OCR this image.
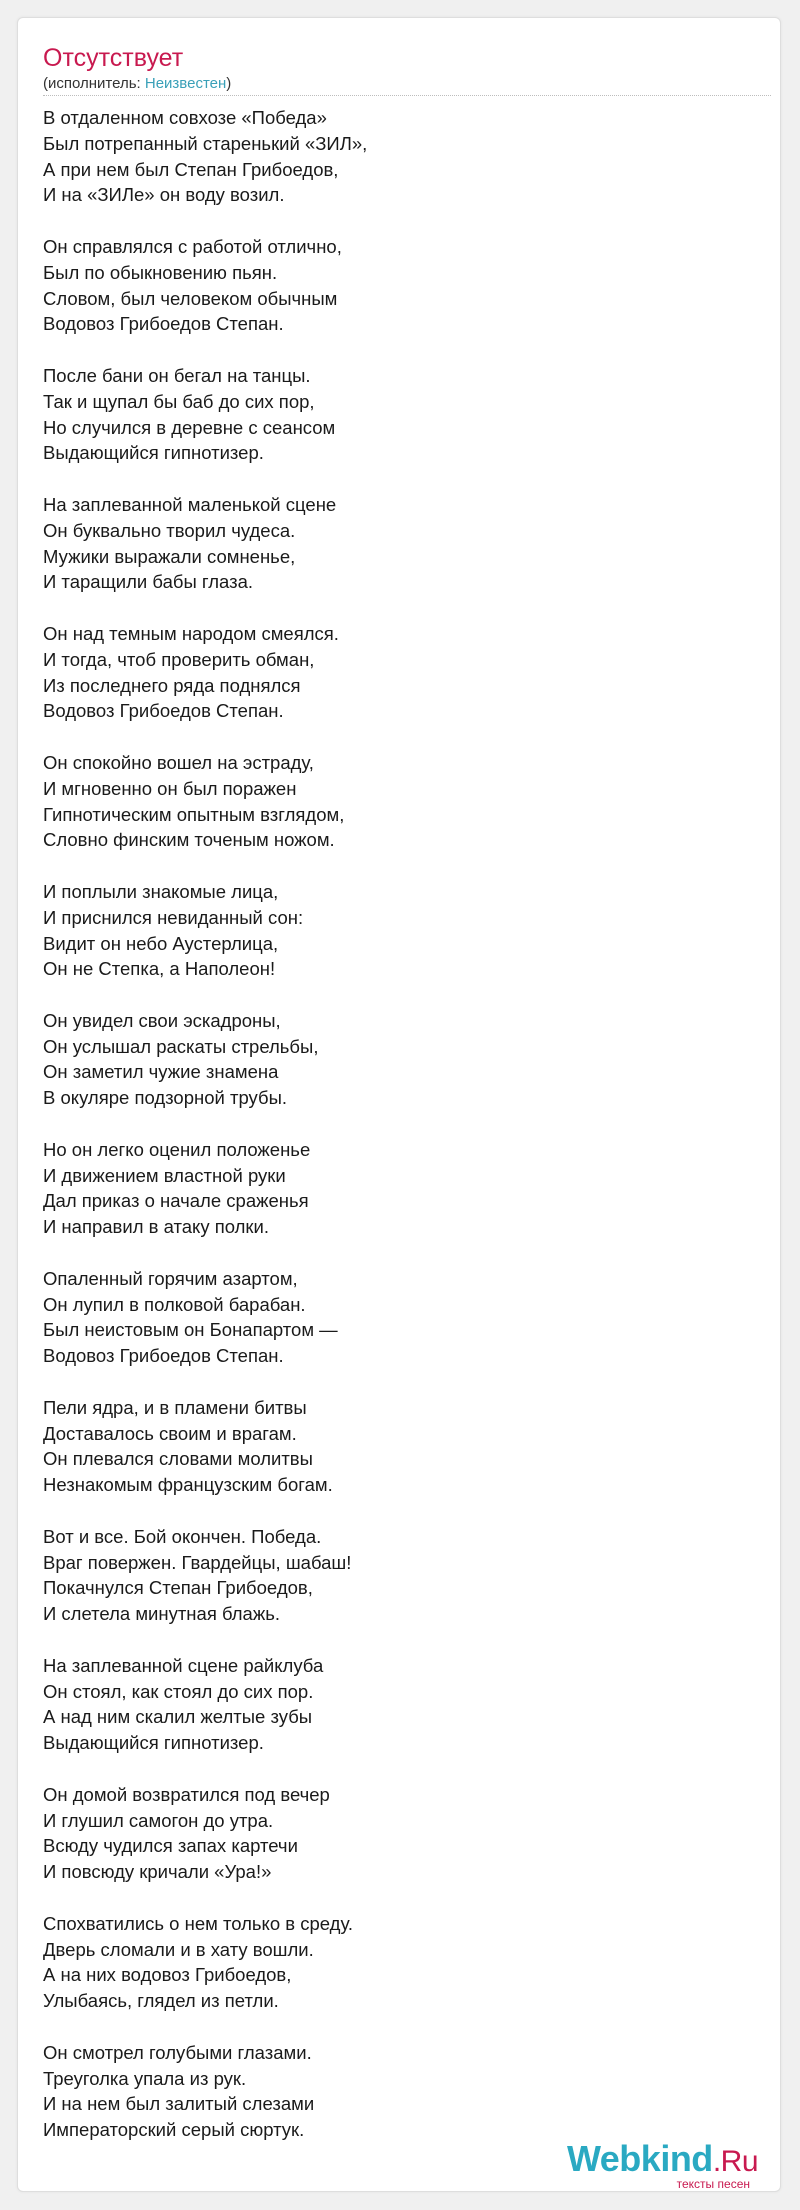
Отсутствует
(исполнитель: Неизвестен)
В отдаленном совхозе «Победа»
Был потрепанный старенький «ЗИЛ»,
А при нем был Степан Грибоедов,
И на «ЗИЛе» он воду возил.
Он справлялся с работой отлично,
Был по обыкновению пьян.
Словом, был человеком обычным
Водовоз Грибоедов Степан.
После бани он бегал на танцы.
Так и щупал бы баб до сих пор,
Но случился в деревне с сеансом
Выдающийся гипнотизер.
На заплеванной маленькой сцене
Он буквально творил чудеса.
Мужики выражали сомненье,
И таращили бабы глаза.
Он над темным народом смеялся.
И тогда, чтоб проверить обман,
Из последнего ряда поднялся
Водовоз Грибоедов Степан.
Он спокойно вошел на эстраду,
И мгновенно он был поражен
Гипнотическим опытным взглядом,
Словно финским точеным ножом.
И поплыли знакомые лица,
И приснился невиданный сон:
Видит он небо Аустерлица,
Он не Степка, а Наполеон!
Он увидел свои эскадроны,
Он услышал раскаты стрельбы,
Он заметил чужие знамена
В окуляре подзорной трубы.
Но он легко оценил положенье
И движением властной руки
Дал приказ о начале сраженья
И направил в атаку полки.
Опаленный горячим азартом,
Он лупил в полковой барабан.
Был неистовым он Бонапартом —
Водовоз Грибоедов Степан.
Пели ядра, и в пламени битвы
Доставалось своим и врагам.
Он плевался словами молитвы
Незнакомым французским богам.
Вот и все. Бой окончен. Победа.
Враг повержен. Гвардейцы, шабаш!
Покачнулся Степан Грибоедов,
И слетела минутная блажь.
На заплеванной сцене райклуба
Он стоял, как стоял до сих пор.
А над ним скалил желтые зубы
Выдающийся гипнотизер.
Он домой возвратился под вечер
И глушил самогон до утра.
Всюду чудился запах картечи
И повсюду кричали «Ура!»
Спохватились о нем только в среду.
Дверь сломали и в хату вошли.
А на них водовоз Грибоедов,
Улыбаясь, глядел из петли.
Он смотрел голубыми глазами.
Треуголка упала из рук.
И на нем был залитый слезами
Императорский серый сюртук.
Webkind.Ru
тексты песен
